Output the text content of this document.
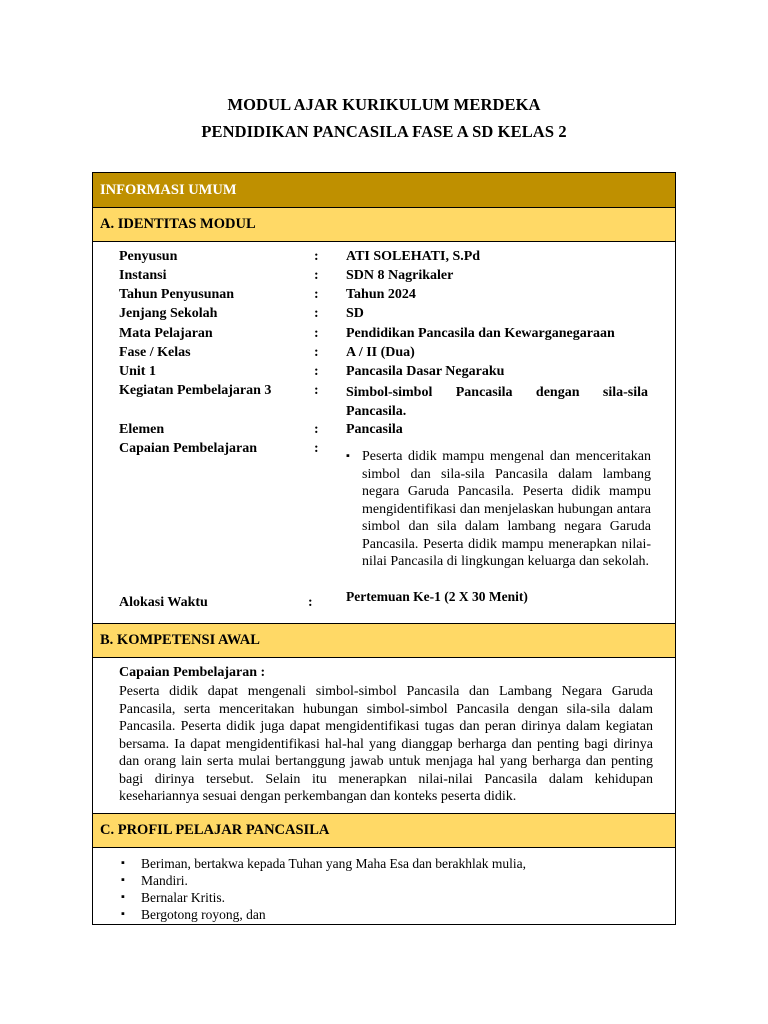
MODUL AJAR KURIKULUM MERDEKA
PENDIDIKAN PANCASILA FASE A SD KELAS 2
INFORMASI UMUM
A. IDENTITAS MODUL
Penyusun	: ATI SOLEHATI, S.Pd
Instansi	: SDN 8 Nagrikaler
Tahun Penyusunan	: Tahun 2024
Jenjang Sekolah	: SD
Mata Pelajaran	: Pendidikan Pancasila dan Kewarganegaraan
Fase / Kelas	: A / II (Dua)
Unit 1	: Pancasila Dasar Negaraku
Kegiatan Pembelajaran 3	: Simbol-simbol Pancasila dengan sila-sila Pancasila.
Elemen	: Pancasila
Capaian Pembelajaran	:
▪ Peserta didik mampu mengenal dan menceritakan simbol dan sila-sila Pancasila dalam lambang negara Garuda Pancasila. Peserta didik mampu mengidentifikasi dan menjelaskan hubungan antara simbol dan sila dalam lambang negara Garuda Pancasila. Peserta didik mampu menerapkan nilai-nilai Pancasila di lingkungan keluarga dan sekolah.
Alokasi Waktu	: Pertemuan Ke-1 (2 X 30 Menit)
B. KOMPETENSI AWAL
Capaian Pembelajaran :
Peserta didik dapat mengenali simbol-simbol Pancasila dan Lambang Negara Garuda Pancasila, serta menceritakan hubungan simbol-simbol Pancasila dengan sila-sila dalam Pancasila. Peserta didik juga dapat mengidentifikasi tugas dan peran dirinya dalam kegiatan bersama. Ia dapat mengidentifikasi hal-hal yang dianggap berharga dan penting bagi dirinya dan orang lain serta mulai bertanggung jawab untuk menjaga hal yang berharga dan penting bagi dirinya tersebut. Selain itu menerapkan nilai-nilai Pancasila dalam kehidupan kesehariannya sesuai dengan perkembangan dan konteks peserta didik.
C. PROFIL PELAJAR PANCASILA
▪ Beriman, bertakwa kepada Tuhan yang Maha Esa dan berakhlak mulia,
▪ Mandiri.
▪ Bernalar Kritis.
▪ Bergotong royong, dan
